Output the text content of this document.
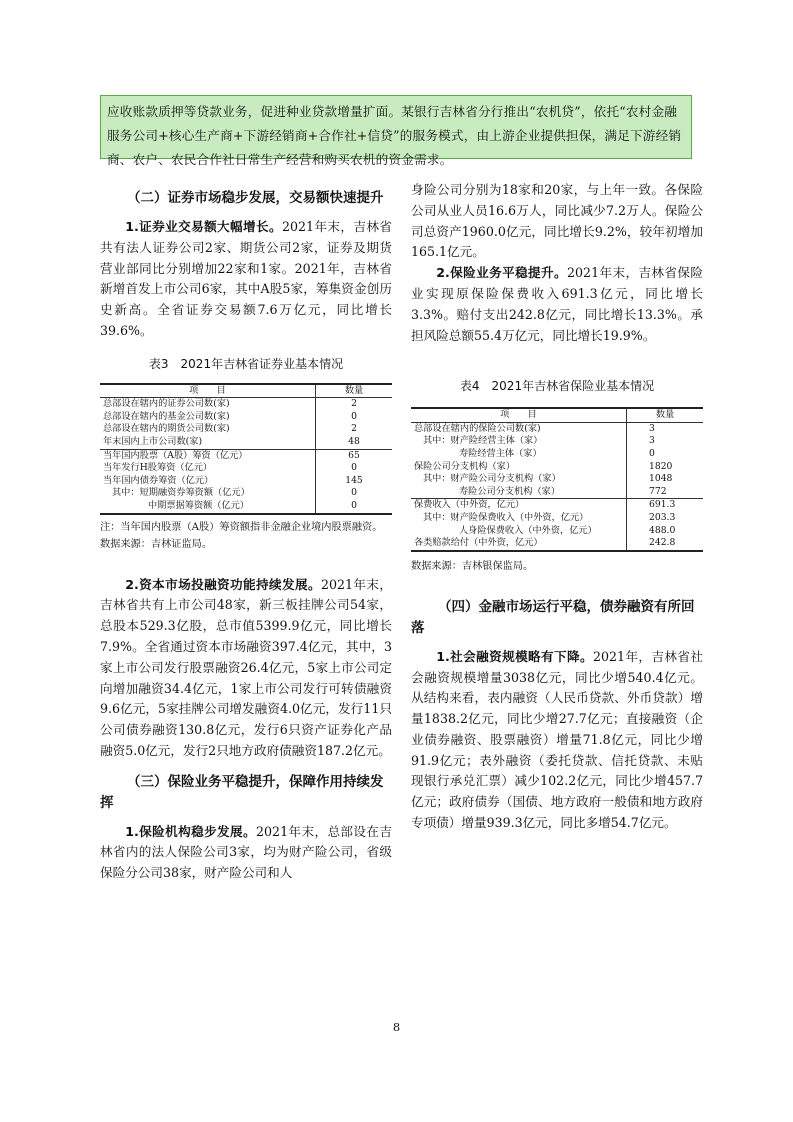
应收账款质押等贷款业务，促进种业贷款增量扩面。某银行吉林省分行推出“农机贷”，依托“农村金融服务公司+核心生产商+下游经销商+合作社+信贷”的服务模式，由上游企业提供担保，满足下游经销商、农户、农民合作社日常生产经营和购买农机的资金需求。

（二）证券市场稳步发展，交易额快速提升

1.证券业交易额大幅增长。2021年末，吉林省共有法人证券公司2家、期货公司2家，证券及期货营业部同比分别增加22家和1家。2021年，吉林省新增首发上市公司6家，其中A股5家，筹集资金创历史新高。全省证券交易额7.6万亿元，同比增长39.6%。

表3　2021年吉林省证券业基本情况

项　　目	数量
总部设在辖内的证券公司数(家)	2
总部设在辖内的基金公司数(家)	0
总部设在辖内的期货公司数(家)	2
年末国内上市公司数(家)	48
当年国内股票（A股）筹资（亿元）	65
当年发行H股筹资（亿元）	0
当年国内债券筹资（亿元）	145
其中：短期融资券筹资额（亿元）	0
中期票据筹资额（亿元）	0

注：当年国内股票（A股）筹资额指非金融企业境内股票融资。

数据来源：吉林证监局。

2.资本市场投融资功能持续发展。2021年末，吉林省共有上市公司48家，新三板挂牌公司54家，总股本529.3亿股，总市值5399.9亿元，同比增长7.9%。全省通过资本市场融资397.4亿元，其中，3家上市公司发行股票融资26.4亿元，5家上市公司定向增加融资34.4亿元，1家上市公司发行可转债融资9.6亿元，5家挂牌公司增发融资4.0亿元，发行11只公司债券融资130.8亿元，发行6只资产证券化产品融资5.0亿元，发行2只地方政府债融资187.2亿元。

（三）保险业务平稳提升，保障作用持续发挥

1.保险机构稳步发展。2021年末，总部设在吉林省内的法人保险公司3家，均为财产险公司，省级保险分公司38家，财产险公司和人

身险公司分别为18家和20家，与上年一致。各保险公司从业人员16.6万人，同比减少7.2万人。保险公司总资产1960.0亿元，同比增长9.2%，较年初增加165.1亿元。

2.保险业务平稳提升。2021年末，吉林省保险业实现原保险保费收入691.3亿元，同比增长3.3%。赔付支出242.8亿元，同比增长13.3%。承担风险总额55.4万亿元，同比增长19.9%。

表4　2021年吉林省保险业基本情况

项　　目	数量
总部设在辖内的保险公司数(家)	3
其中：财产险经营主体（家）	3
寿险经营主体（家）	0
保险公司分支机构（家）	1820
其中：财产险公司分支机构（家）	1048
寿险公司分支机构（家）	772
保费收入（中外资，亿元）	691.3
其中：财产险保费收入（中外资，亿元）	203.3
人身险保费收入（中外资，亿元）	488.0
各类赔款给付（中外资，亿元）	242.8

数据来源：吉林银保监局。

（四）金融市场运行平稳，债券融资有所回落

1.社会融资规模略有下降。2021年，吉林省社会融资规模增量3038亿元，同比少增540.4亿元。从结构来看，表内融资（人民币贷款、外币贷款）增量1838.2亿元，同比少增27.7亿元；直接融资（企业债券融资、股票融资）增量71.8亿元，同比少增91.9亿元；表外融资（委托贷款、信托贷款、未贴现银行承兑汇票）减少102.2亿元，同比少增457.7亿元；政府债券（国债、地方政府一般债和地方政府专项债）增量939.3亿元，同比多增54.7亿元。

8
